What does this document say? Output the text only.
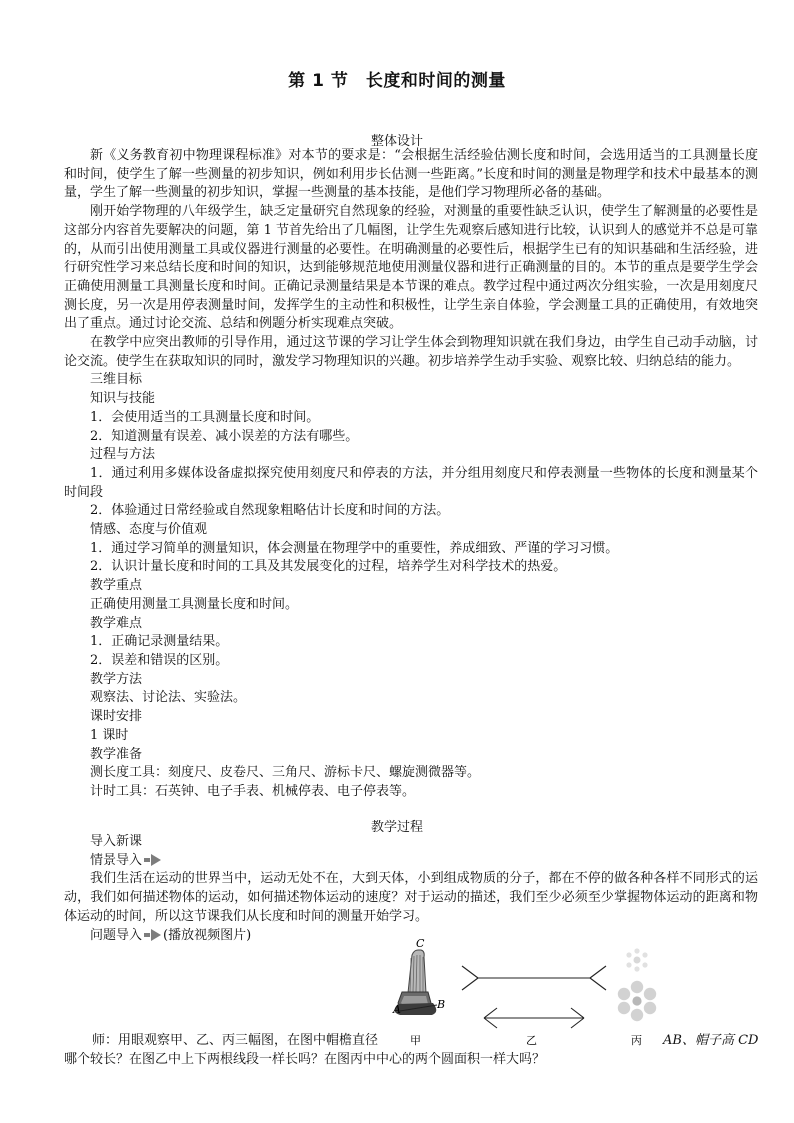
第 1 节　长度和时间的测量
整体设计

新《义务教育初中物理课程标准》对本节的要求是：“会根据生活经验估测长度和时间，会选用适当的工具测量长度和时间，使学生了解一些测量的初步知识，例如利用步长估测一些距离。”长度和时间的测量是物理学和技术中最基本的测量，学生了解一些测量的初步知识，掌握一些测量的基本技能，是他们学习物理所必备的基础。

刚开始学物理的八年级学生，缺乏定量研究自然现象的经验，对测量的重要性缺乏认识，使学生了解测量的必要性是这部分内容首先要解决的问题，第 1 节首先给出了几幅图，让学生先观察后感知进行比较，认识到人的感觉并不总是可靠的，从而引出使用测量工具或仪器进行测量的必要性。在明确测量的必要性后，根据学生已有的知识基础和生活经验，进行研究性学习来总结长度和时间的知识，达到能够规范地使用测量仪器和进行正确测量的目的。本节的重点是要学生学会正确使用测量工具测量长度和时间。正确记录测量结果是本节课的难点。教学过程中通过两次分组实验，一次是用刻度尺测长度，另一次是用停表测量时间，发挥学生的主动性和积极性，让学生亲自体验，学会测量工具的正确使用，有效地突出了重点。通过讨论交流、总结和例题分析实现难点突破。

在教学中应突出教师的引导作用，通过这节课的学习让学生体会到物理知识就在我们身边，由学生自己动手动脑，讨论交流。使学生在获取知识的同时，激发学习物理知识的兴趣。初步培养学生动手实验、观察比较、归纳总结的能力。

三维目标

知识与技能

1．会使用适当的工具测量长度和时间。

2．知道测量有误差、减小误差的方法有哪些。

过程与方法

1．通过利用多媒体设备虚拟探究使用刻度尺和停表的方法，并分组用刻度尺和停表测量一些物体的长度和测量某个时间段

2．体验通过日常经验或自然现象粗略估计长度和时间的方法。

情感、态度与价值观

1．通过学习简单的测量知识，体会测量在物理学中的重要性，养成细致、严谨的学习习惯。

2．认识计量长度和时间的工具及其发展变化的过程，培养学生对科学技术的热爱。

教学重点

正确使用测量工具测量长度和时间。

教学难点

1．正确记录测量结果。

2．误差和错误的区别。

教学方法

观察法、讨论法、实验法。

课时安排

1 课时

教学准备

测长度工具：刻度尺、皮卷尺、三角尺、游标卡尺、螺旋测微器等。

计时工具：石英钟、电子手表、机械停表、电子停表等。

教学过程

导入新课

情景导入

我们生活在运动的世界当中，运动无处不在，大到天体，小到组成物质的分子，都在不停的做各种各样不同形式的运动，我们如何描述物体的运动，如何描述物体运动的速度？对于运动的描述，我们至少必须至少掌握物体运动的距离和物体运动的时间，所以这节课我们从长度和时间的测量开始学习。

问题导入 (播放视频图片)

C
A	B
甲	乙	丙
师：用眼观察甲、乙、丙三幅图，在图中帽檐直径	AB、帽子高 CD
哪个较长？在图乙中上下两根线段一样长吗？在图丙中中心的两个圆面积一样大吗？
